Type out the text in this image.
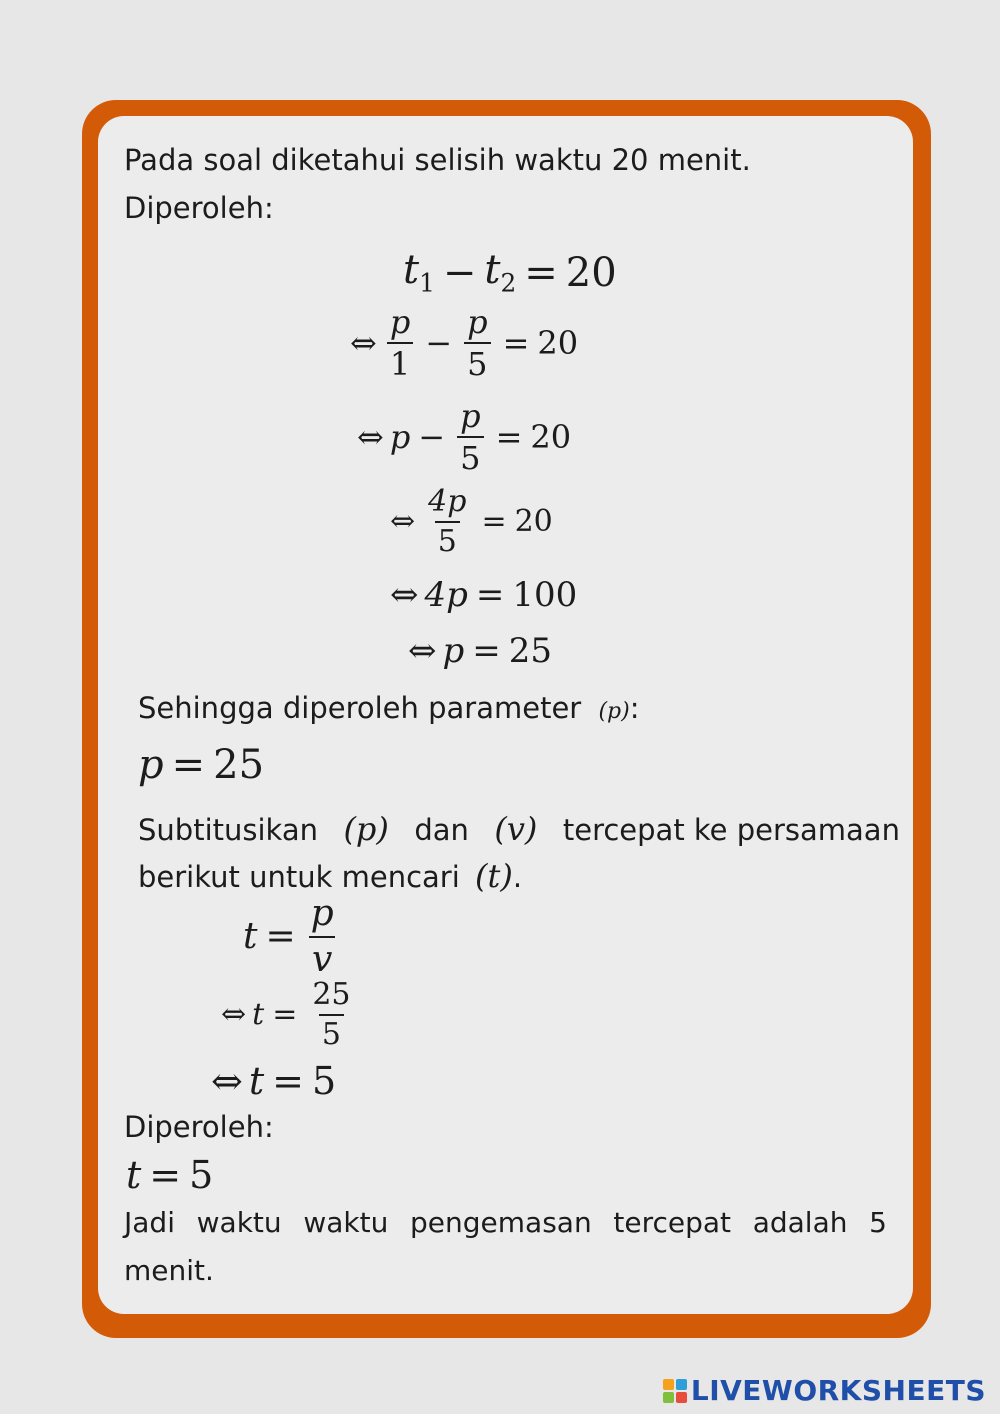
Pada soal diketahui selisih waktu 20 menit.
Diperoleh:
$t_1 - t_2 = 20$
⇔ $\frac{p}{1} - \frac{p}{5} = 20$
⇔ $p - \frac{p}{5} = 20$
⇔ $\frac{4p}{5} = 20$
⇔ 4p = 100
⇔ p = 25
Sehingga diperoleh parameter (p):
p = 25
Subtitusikan (p) dan (v) tercepat ke persamaan
berikut untuk mencari (t).
$t = \frac{p}{v}$
⇔ $t = \frac{25}{5}$
⇔ t = 5
Diperoleh:
t = 5
Jadi waktu waktu pengemasan tercepat adalah 5
menit.
LIVEWORKSHEETS
